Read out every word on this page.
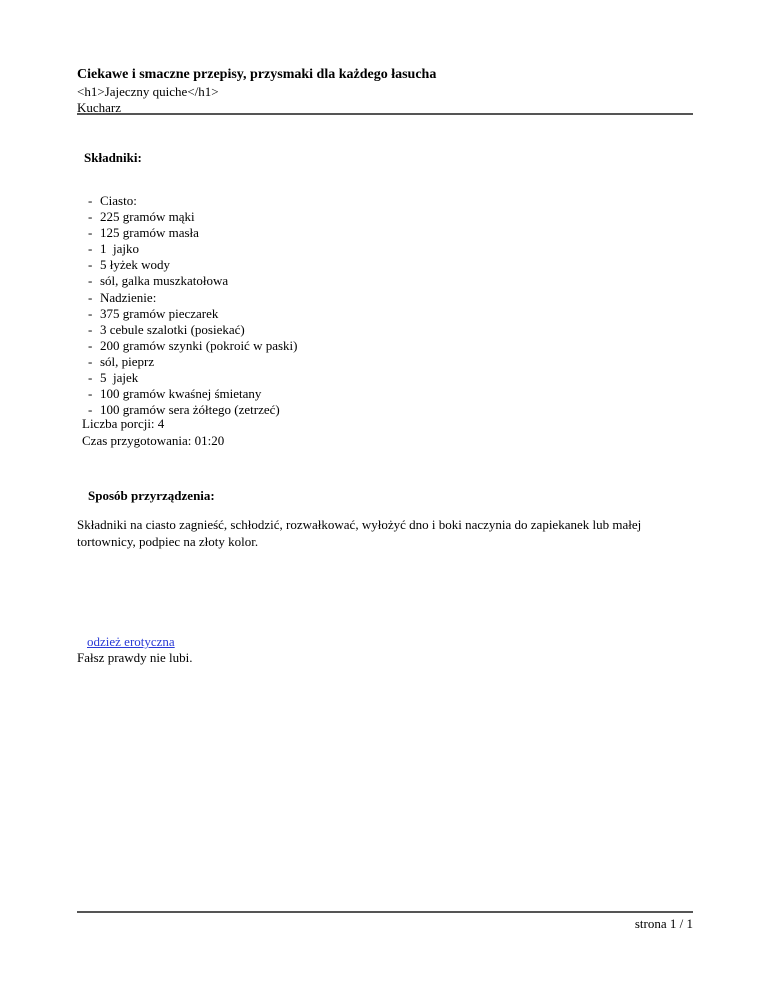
Ciekawe i smaczne przepisy, przysmaki dla każdego łasucha

<h1>Jajeczny quiche</h1>

Kucharz

Składniki:

- Ciasto:
- 225 gramów mąki
- 125 gramów masła
- 1  jajko
- 5 łyżek wody
- sól, galka muszkatołowa
- Nadzienie:
- 375 gramów pieczarek
- 3 cebule szalotki (posiekać)
- 200 gramów szynki (pokroić w paski)
- sól, pieprz
- 5  jajek
- 100 gramów kwaśnej śmietany
- 100 gramów sera żółtego (zetrzeć)
Liczba porcji: 4
Czas przygotowania: 01:20

Sposób przyrządzenia:

Składniki na ciasto zagnieść, schłodzić, rozwałkować, wyłożyć dno i boki naczynia do zapiekanek lub małej tortownicy, podpiec na złoty kolor.

odzież erotyczna
Fałsz prawdy nie lubi.
strona 1 / 1
